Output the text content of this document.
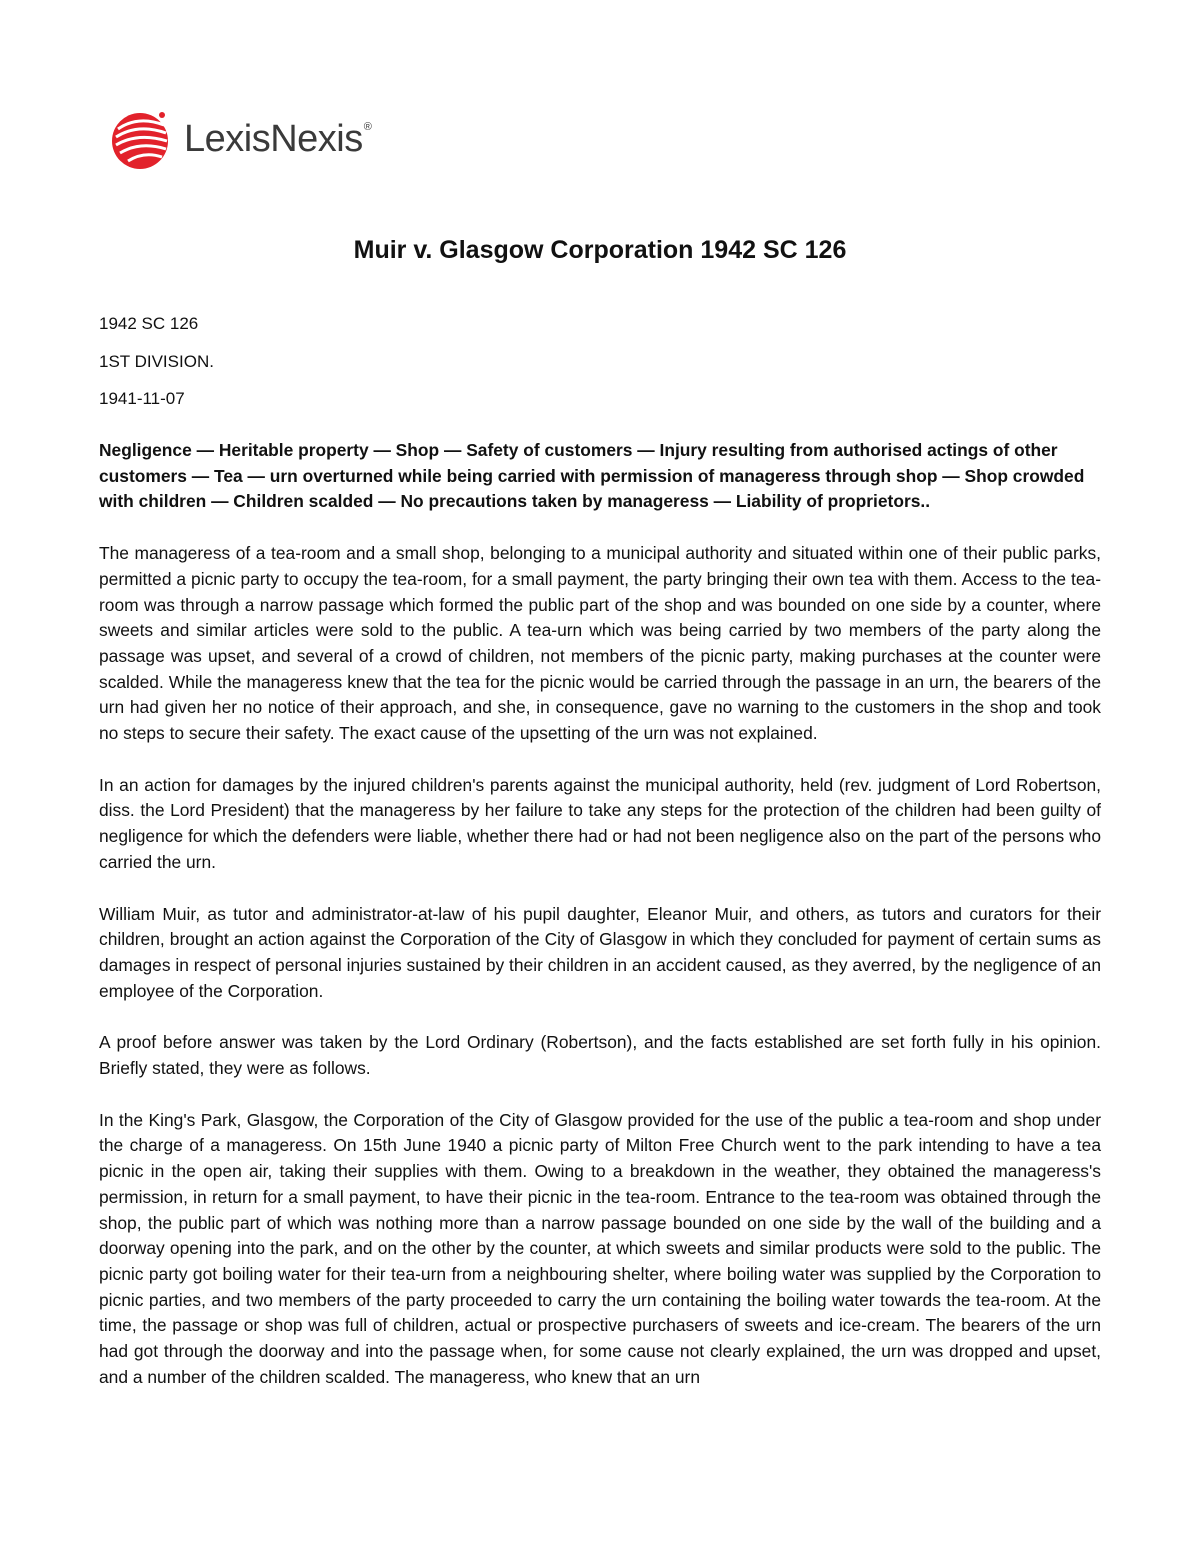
LexisNexis®
Muir v. Glasgow Corporation 1942 SC 126

1942 SC 126

1ST DIVISION.

1941-11-07

Negligence — Heritable property — Shop — Safety of customers — Injury resulting from authorised actings of other customers — Tea — urn overturned while being carried with permission of manageress through shop — Shop crowded with children — Children scalded — No precautions taken by manageress — Liability of proprietors..

The manageress of a tea-room and a small shop, belonging to a municipal authority and situated within one of their public parks, permitted a picnic party to occupy the tea-room, for a small payment, the party bringing their own tea with them. Access to the tea-room was through a narrow passage which formed the public part of the shop and was bounded on one side by a counter, where sweets and similar articles were sold to the public. A tea-urn which was being carried by two members of the party along the passage was upset, and several of a crowd of children, not members of the picnic party, making purchases at the counter were scalded. While the manageress knew that the tea for the picnic would be carried through the passage in an urn, the bearers of the urn had given her no notice of their approach, and she, in consequence, gave no warning to the customers in the shop and took no steps to secure their safety. The exact cause of the upsetting of the urn was not explained.

In an action for damages by the injured children's parents against the municipal authority, held (rev. judgment of Lord Robertson, diss. the Lord President) that the manageress by her failure to take any steps for the protection of the children had been guilty of negligence for which the defenders were liable, whether there had or had not been negligence also on the part of the persons who carried the urn.

William Muir, as tutor and administrator-at-law of his pupil daughter, Eleanor Muir, and others, as tutors and curators for their children, brought an action against the Corporation of the City of Glasgow in which they concluded for payment of certain sums as damages in respect of personal injuries sustained by their children in an accident caused, as they averred, by the negligence of an employee of the Corporation.

A proof before answer was taken by the Lord Ordinary (Robertson), and the facts established are set forth fully in his opinion. Briefly stated, they were as follows.

In the King's Park, Glasgow, the Corporation of the City of Glasgow provided for the use of the public a tea-room and shop under the charge of a manageress. On 15th June 1940 a picnic party of Milton Free Church went to the park intending to have a tea picnic in the open air, taking their supplies with them. Owing to a breakdown in the weather, they obtained the manageress's permission, in return for a small payment, to have their picnic in the tea-room. Entrance to the tea-room was obtained through the shop, the public part of which was nothing more than a narrow passage bounded on one side by the wall of the building and a doorway opening into the park, and on the other by the counter, at which sweets and similar products were sold to the public. The picnic party got boiling water for their tea-urn from a neighbouring shelter, where boiling water was supplied by the Corporation to picnic parties, and two members of the party proceeded to carry the urn containing the boiling water towards the tea-room. At the time, the passage or shop was full of children, actual or prospective purchasers of sweets and ice-cream. The bearers of the urn had got through the doorway and into the passage when, for some cause not clearly explained, the urn was dropped and upset, and a number of the children scalded. The manageress, who knew that an urn
